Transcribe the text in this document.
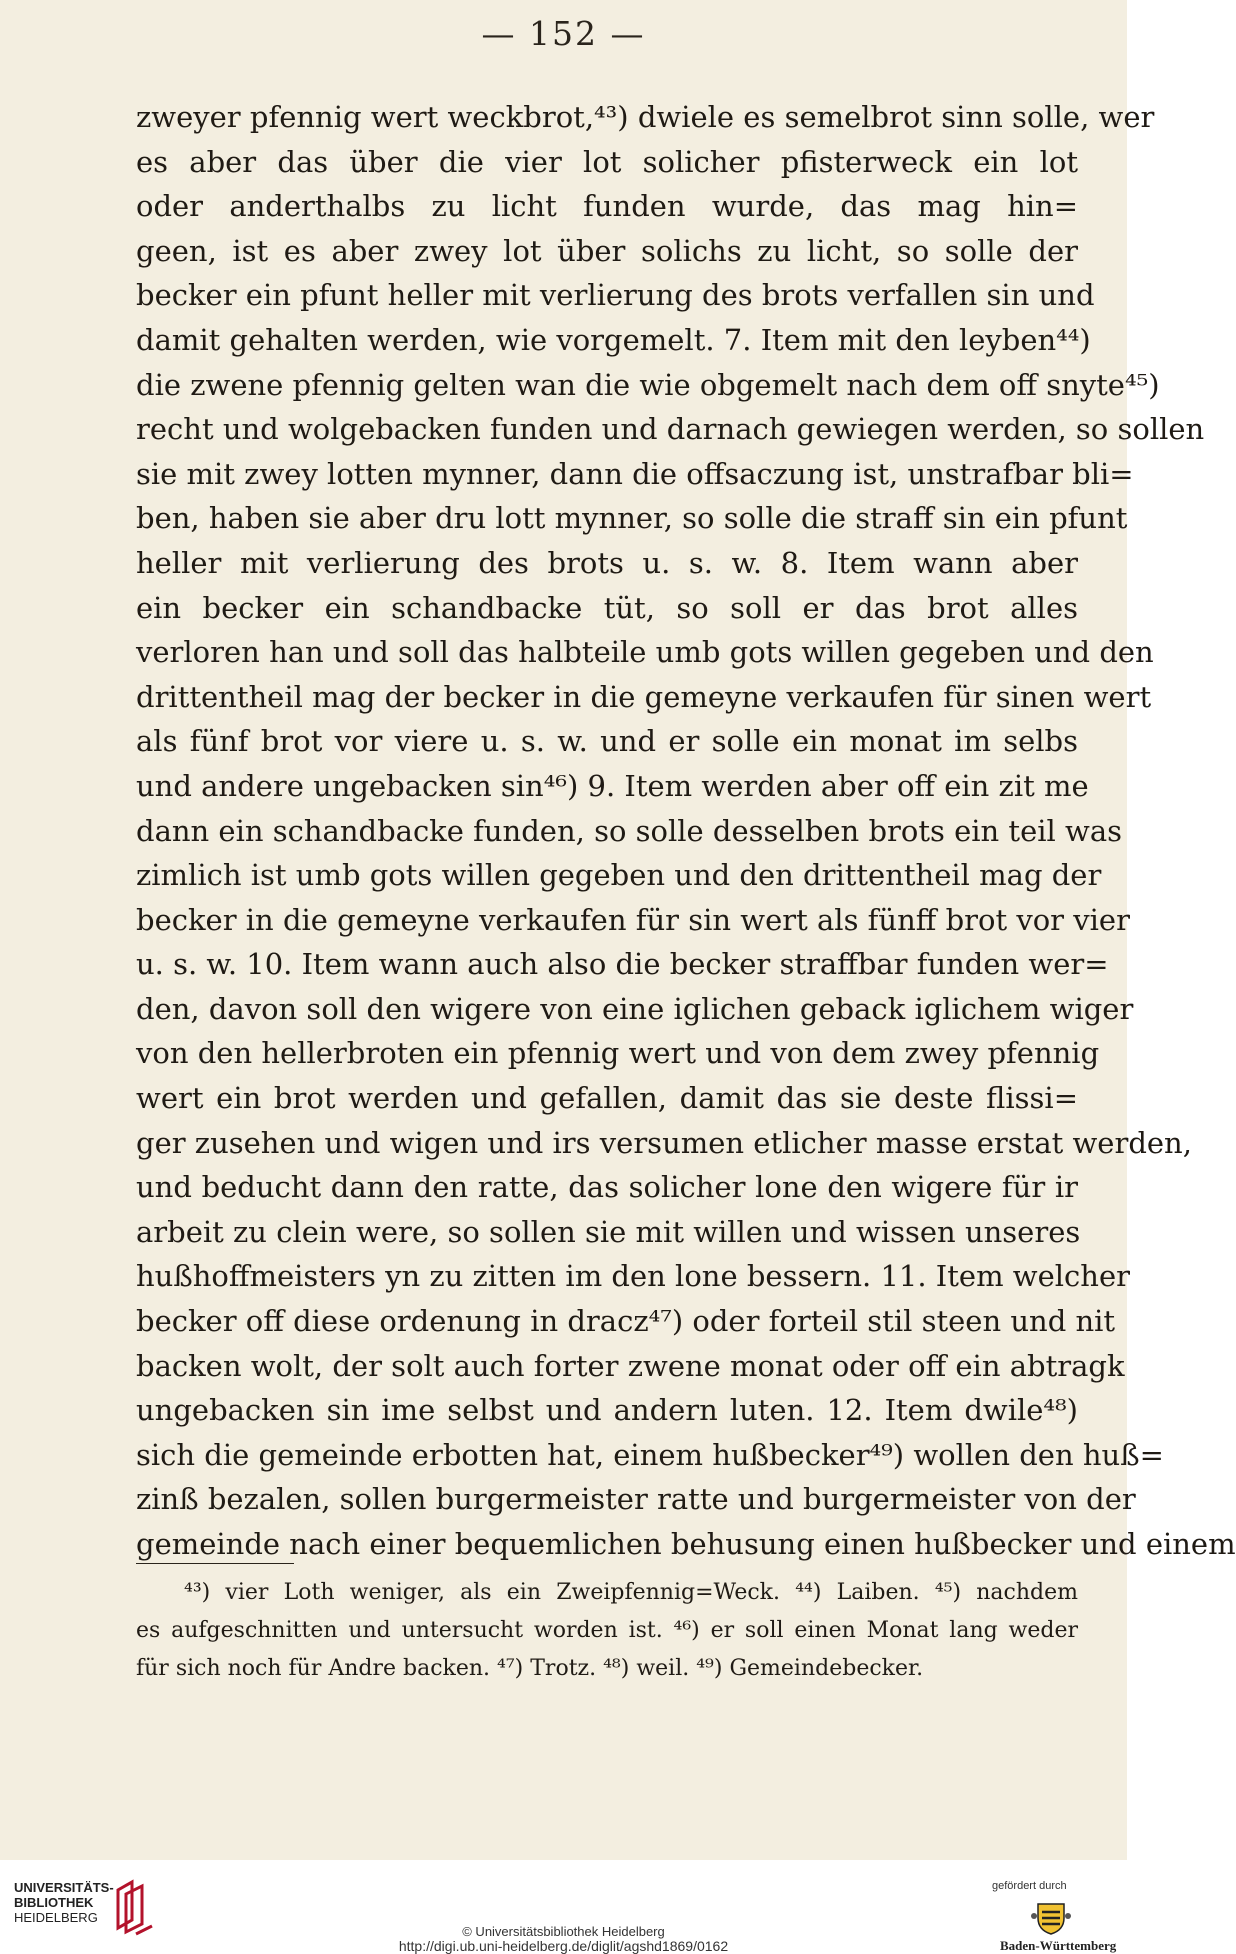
— 152 —
zweyer pfennig wert weckbrot,⁴³) dwiele es semelbrot sinn solle, wer
es aber das über die vier lot solicher pfisterweck ein lot
oder anderthalbs zu licht funden wurde, das mag hin=
geen, ist es aber zwey lot über solichs zu licht, so solle der
becker ein pfunt heller mit verlierung des brots verfallen sin und
damit gehalten werden, wie vorgemelt. 7. Item mit den leyben⁴⁴)
die zwene pfennig gelten wan die wie obgemelt nach dem off snyte⁴⁵)
recht und wolgebacken funden und darnach gewiegen werden, so sollen
sie mit zwey lotten mynner, dann die offsaczung ist, unstrafbar bli=
ben, haben sie aber dru lott mynner, so solle die straff sin ein pfunt
heller mit verlierung des brots u. s. w. 8. Item wann aber
ein becker ein schandbacke tüt, so soll er das brot alles
verloren han und soll das halbteile umb gots willen gegeben und den
drittentheil mag der becker in die gemeyne verkaufen für sinen wert
als fünf brot vor viere u. s. w. und er solle ein monat im selbs
und andere ungebacken sin⁴⁶) 9. Item werden aber off ein zit me
dann ein schandbacke funden, so solle desselben brots ein teil was
zimlich ist umb gots willen gegeben und den drittentheil mag der
becker in die gemeyne verkaufen für sin wert als fünff brot vor vier
u. s. w. 10. Item wann auch also die becker straffbar funden wer=
den, davon soll den wigere von eine iglichen geback iglichem wiger
von den hellerbroten ein pfennig wert und von dem zwey pfennig
wert ein brot werden und gefallen, damit das sie deste flissi=
ger zusehen und wigen und irs versumen etlicher masse erstat werden,
und beducht dann den ratte, das solicher lone den wigere für ir
arbeit zu clein were, so sollen sie mit willen und wissen unseres
hußhoffmeisters yn zu zitten im den lone bessern. 11. Item welcher
becker off diese ordenung in dracz⁴⁷) oder forteil stil steen und nit
backen wolt, der solt auch forter zwene monat oder off ein abtragk
ungebacken sin ime selbst und andern luten. 12. Item dwile⁴⁸)
sich die gemeinde erbotten hat, einem hußbecker⁴⁹) wollen den huß=
zinß bezalen, sollen burgermeister ratte und burgermeister von der
gemeinde nach einer bequemlichen behusung einen hußbecker und einem
⁴³) vier Loth weniger, als ein Zweipfennig=Weck. ⁴⁴) Laiben. ⁴⁵) nachdem
es aufgeschnitten und untersucht worden ist. ⁴⁶) er soll einen Monat lang weder
für sich noch für Andre backen. ⁴⁷) Trotz. ⁴⁸) weil. ⁴⁹) Gemeindebecker.
UNIVERSITÄTS-
BIBLIOTHEK
HEIDELBERG
© Universitätsbibliothek Heidelberg
http://digi.ub.uni-heidelberg.de/diglit/agshd1869/0162
gefördert durch
Baden-Württemberg
